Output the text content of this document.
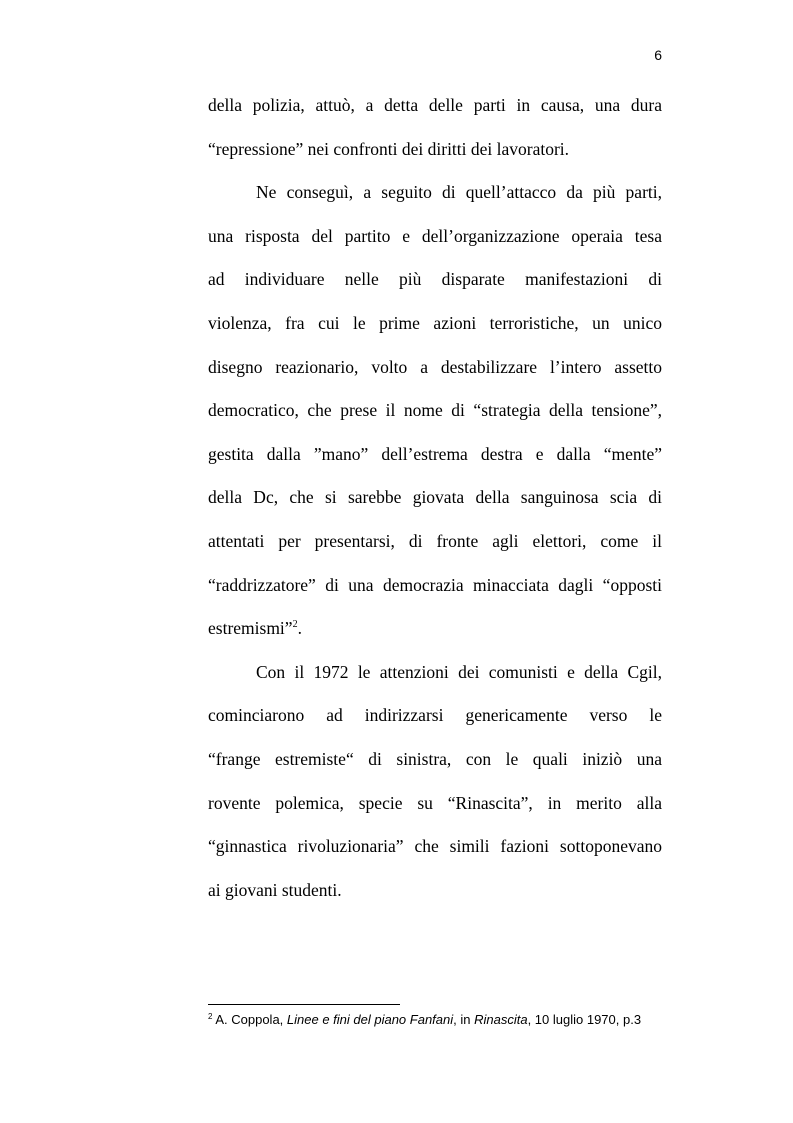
6
della polizia, attuò, a detta delle parti in causa, una dura
“repressione” nei confronti dei diritti dei lavoratori.
Ne conseguì, a seguito di quell’attacco da più parti,
una risposta del partito e dell’organizzazione operaia tesa
ad individuare nelle più disparate manifestazioni di
violenza, fra cui le prime azioni terroristiche, un unico
disegno reazionario, volto a destabilizzare l’intero assetto
democratico, che prese il nome di “strategia della tensione”,
gestita dalla ”mano” dell’estrema destra e dalla “mente”
della Dc, che si sarebbe giovata della sanguinosa scia di
attentati per presentarsi, di fronte agli elettori, come il
“raddrizzatore” di una democrazia minacciata dagli “opposti
estremismi”$^2$.
Con il 1972 le attenzioni dei comunisti e della Cgil,
cominciarono ad indirizzarsi genericamente verso le
“frange estremiste“ di sinistra, con le quali iniziò una
rovente polemica, specie su “Rinascita”, in merito alla
“ginnastica rivoluzionaria” che simili fazioni sottoponevano
ai giovani studenti.
$^2$ A. Coppola, Linee e fini del piano Fanfani, in Rinascita, 10 luglio 1970, p.3
